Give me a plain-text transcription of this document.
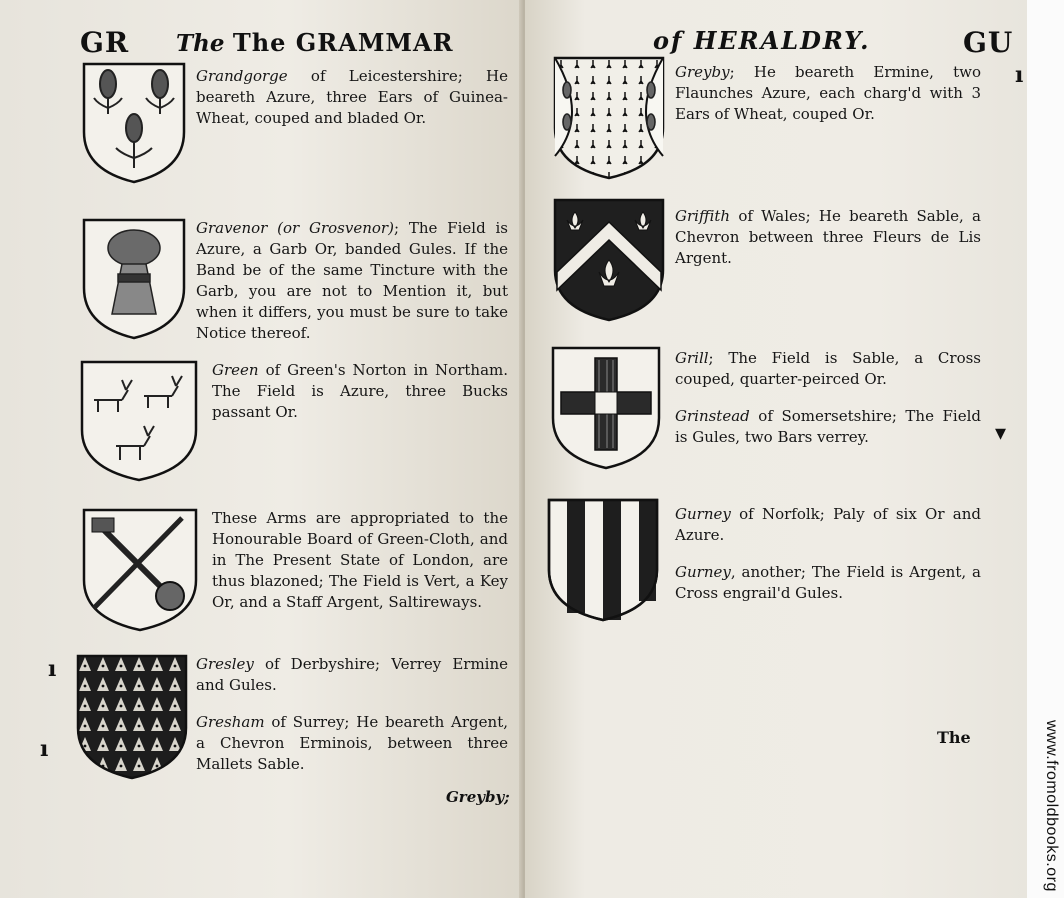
GR The The GRAMMAR
Grandgorge of Leicestershire; He beareth Azure, three Ears of Guinea-Wheat, couped and bladed Or.
Gravenor (or Grosvenor); The Field is Azure, a Garb Or, banded Gules. If the Band be of the same Tincture with the Garb, you are not to Mention it, but when it differs, you must be sure to take Notice thereof.
Green of Green's Norton in Northam. The Field is Azure, three Bucks passant Or.
These Arms are appropriated to the Honourable Board of Green-Cloth, and in The Present State of London, are thus blazoned; The Field is Vert, a Key Or, and a Staff Argent, Saltireways.
Gresley of Derbyshire; Verrey Ermine and Gules.
Gresham of Surrey; He beareth Argent, a Chevron Erminois, between three Mallets Sable.
Greyby;
ı
ı
of HERALDRY.	GU
Greyby; He beareth Ermine, two Flaunches Azure, each charg'd with 3 Ears of Wheat, couped Or.
Griffith of Wales; He beareth Sable, a Chevron between three Fleurs de Lis Argent.
Grill; The Field is Sable, a Cross couped, quarter-peirced Or.
Grinstead of Somersetshire; The Field is Gules, two Bars verrey.
Gurney of Norfolk; Paly of six Or and Azure.
Gurney, another; The Field is Argent, a Cross engrail'd Gules.
The
ı
▾
www.fromoldbooks.org
